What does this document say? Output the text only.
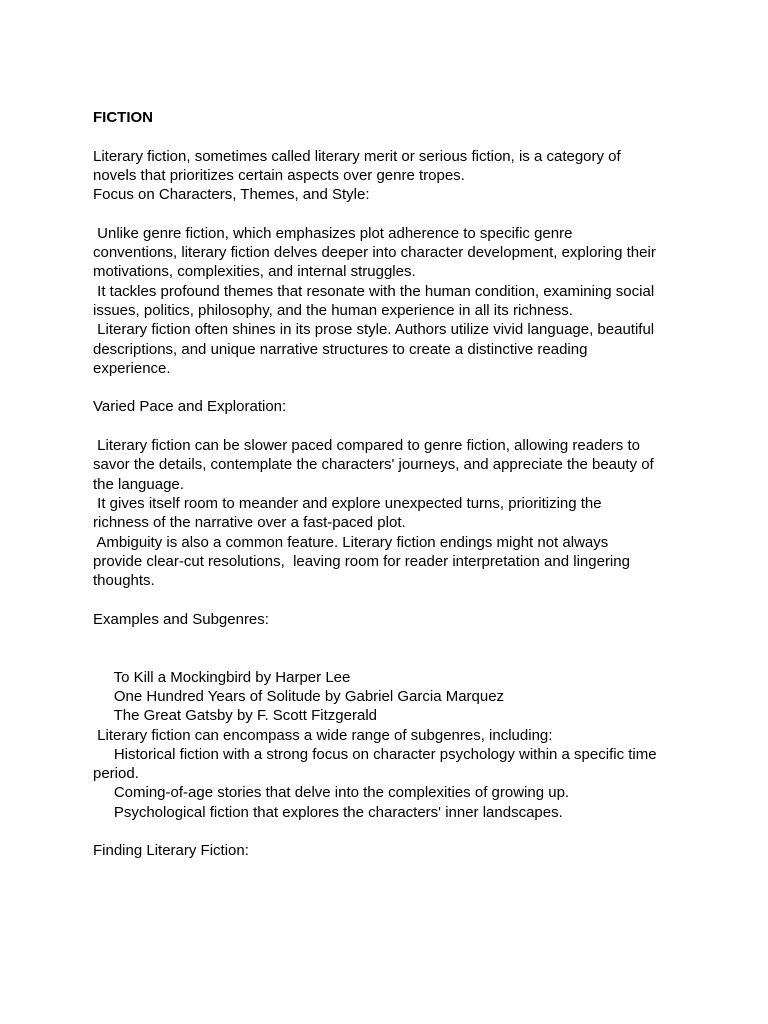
FICTION
Literary fiction, sometimes called literary merit or serious fiction, is a category of
novels that prioritizes certain aspects over genre tropes.
Focus on Characters, Themes, and Style:
Unlike genre fiction, which emphasizes plot adherence to specific genre
conventions, literary fiction delves deeper into character development, exploring their
motivations, complexities, and internal struggles.
It tackles profound themes that resonate with the human condition, examining social
issues, politics, philosophy, and the human experience in all its richness.
Literary fiction often shines in its prose style. Authors utilize vivid language, beautiful
descriptions, and unique narrative structures to create a distinctive reading
experience.
Varied Pace and Exploration:
Literary fiction can be slower paced compared to genre fiction, allowing readers to
savor the details, contemplate the characters' journeys, and appreciate the beauty of
the language.
It gives itself room to meander and explore unexpected turns, prioritizing the
richness of the narrative over a fast-paced plot.
Ambiguity is also a common feature. Literary fiction endings might not always
provide clear-cut resolutions,  leaving room for reader interpretation and lingering
thoughts.
Examples and Subgenres:
To Kill a Mockingbird by Harper Lee
One Hundred Years of Solitude by Gabriel Garcia Marquez
The Great Gatsby by F. Scott Fitzgerald
Literary fiction can encompass a wide range of subgenres, including:
Historical fiction with a strong focus on character psychology within a specific time
period.
Coming-of-age stories that delve into the complexities of growing up.
Psychological fiction that explores the characters' inner landscapes.
Finding Literary Fiction:
